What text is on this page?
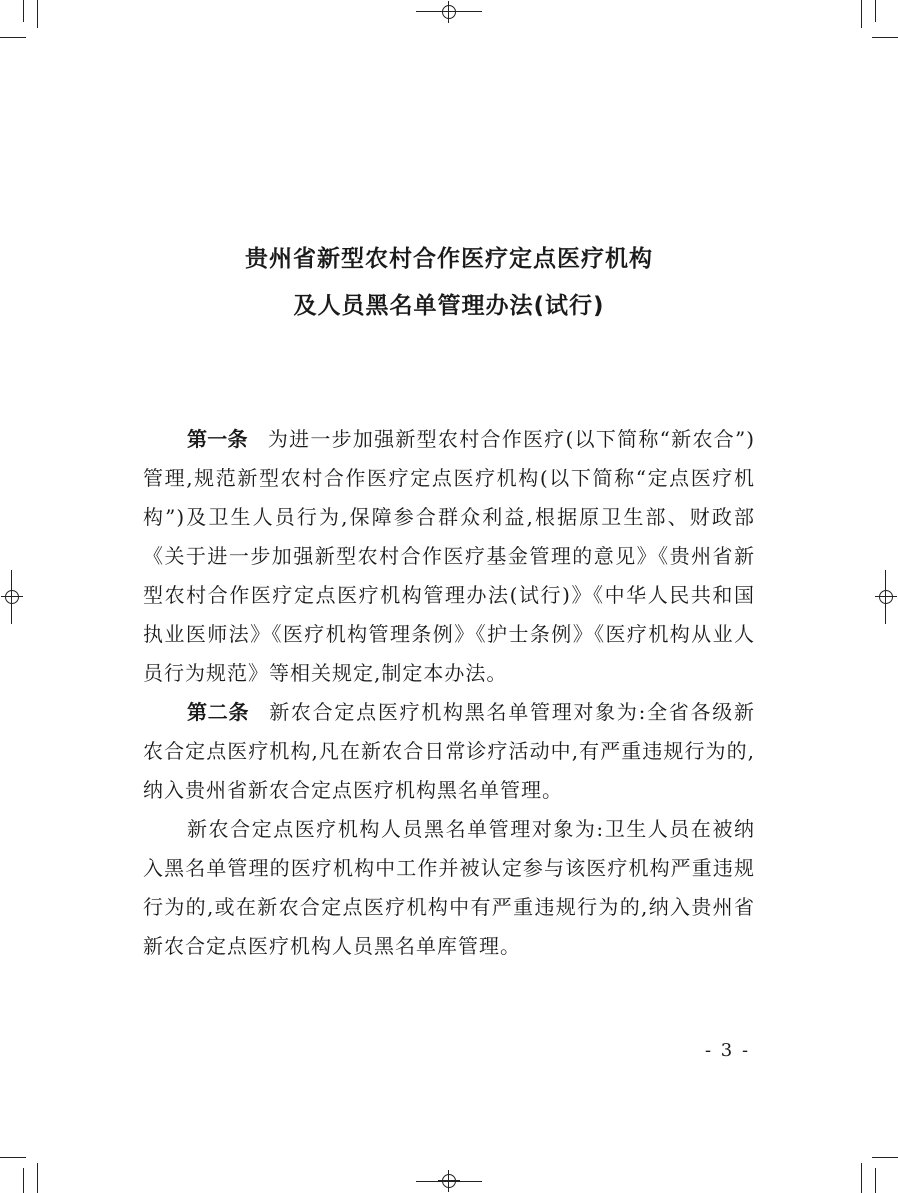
贵州省新型农村合作医疗定点医疗机构
及人员黑名单管理办法(试行)

第一条 为进一步加强新型农村合作医疗(以下简称“新农合”)管理,规范新型农村合作医疗定点医疗机构(以下简称“定点医疗机构”)及卫生人员行为,保障参合群众利益,根据原卫生部、财政部《关于进一步加强新型农村合作医疗基金管理的意见》《贵州省新型农村合作医疗定点医疗机构管理办法(试行)》《中华人民共和国执业医师法》《医疗机构管理条例》《护士条例》《医疗机构从业人员行为规范》等相关规定,制定本办法。

第二条 新农合定点医疗机构黑名单管理对象为:全省各级新农合定点医疗机构,凡在新农合日常诊疗活动中,有严重违规行为的,纳入贵州省新农合定点医疗机构黑名单管理。

新农合定点医疗机构人员黑名单管理对象为:卫生人员在被纳入黑名单管理的医疗机构中工作并被认定参与该医疗机构严重违规行为的,或在新农合定点医疗机构中有严重违规行为的,纳入贵州省新农合定点医疗机构人员黑名单库管理。

- 3 -
